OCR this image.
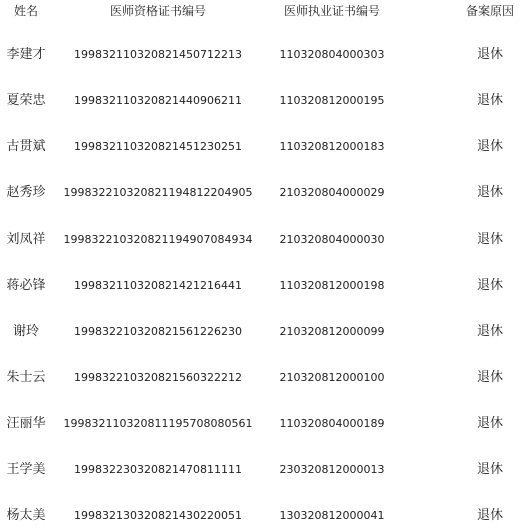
姓名	医师资格证书编号	医师执业证书编号	备案原因
李建才	199832110320821450712213	110320804000303	退休
夏荣忠	199832110320821440906211	110320812000195	退休
古贯斌	199832110320821451230251	110320812000183	退休
赵秀珍 199832210320821194812204905 210320804000029	退休
刘凤祥 199832210320821194907084934 210320804000030	退休
蒋必锋	199832110320821421216441	110320812000198	退休
谢玲	199832210320821561226230	210320812000099	退休
朱士云	199832210320821560322212	210320812000100	退休
汪丽华 199832110320811195708080561 110320804000189	退休
王学美	199832230320821470811111	230320812000013	退休
杨太美	199832130320821430220051	130320812000041	退休
